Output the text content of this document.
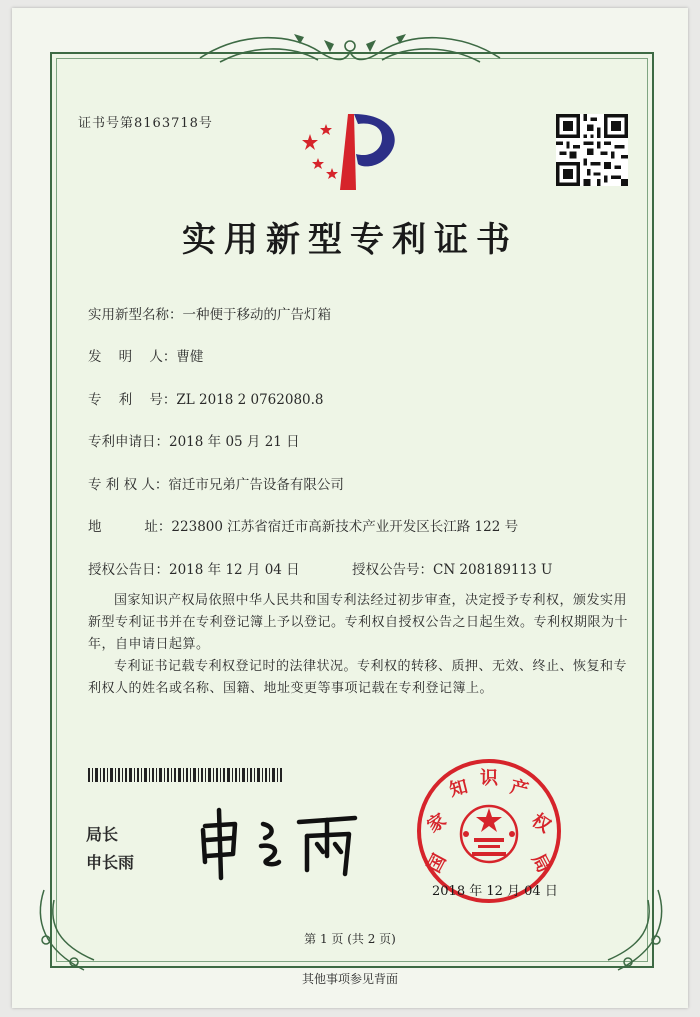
证书号第8163718号
实用新型专利证书
实用新型名称：一种便于移动的广告灯箱
发    明    人：曹健
专    利    号：ZL 2018 2 0762080.8
专利申请日：2018 年 05 月 21 日
专 利 权 人：宿迁市兄弟广告设备有限公司
地          址：223800 江苏省宿迁市高新技术产业开发区长江路 122 号
授权公告日：2018 年 12 月 04 日	授权公告号：CN 208189113 U
国家知识产权局依照中华人民共和国专利法经过初步审查，决定授予专利权，颁发实用新型专利证书并在专利登记簿上予以登记。专利权自授权公告之日起生效。专利权期限为十年，自申请日起算。
专利证书记载专利权登记时的法律状况。专利权的转移、质押、无效、终止、恢复和专利权人的姓名或名称、国籍、地址变更等事项记载在专利登记簿上。
局长
申长雨	国
家
知 识 产
权
局
2018 年 12 月 04 日
第 1 页 (共 2 页)
其他事项参见背面
